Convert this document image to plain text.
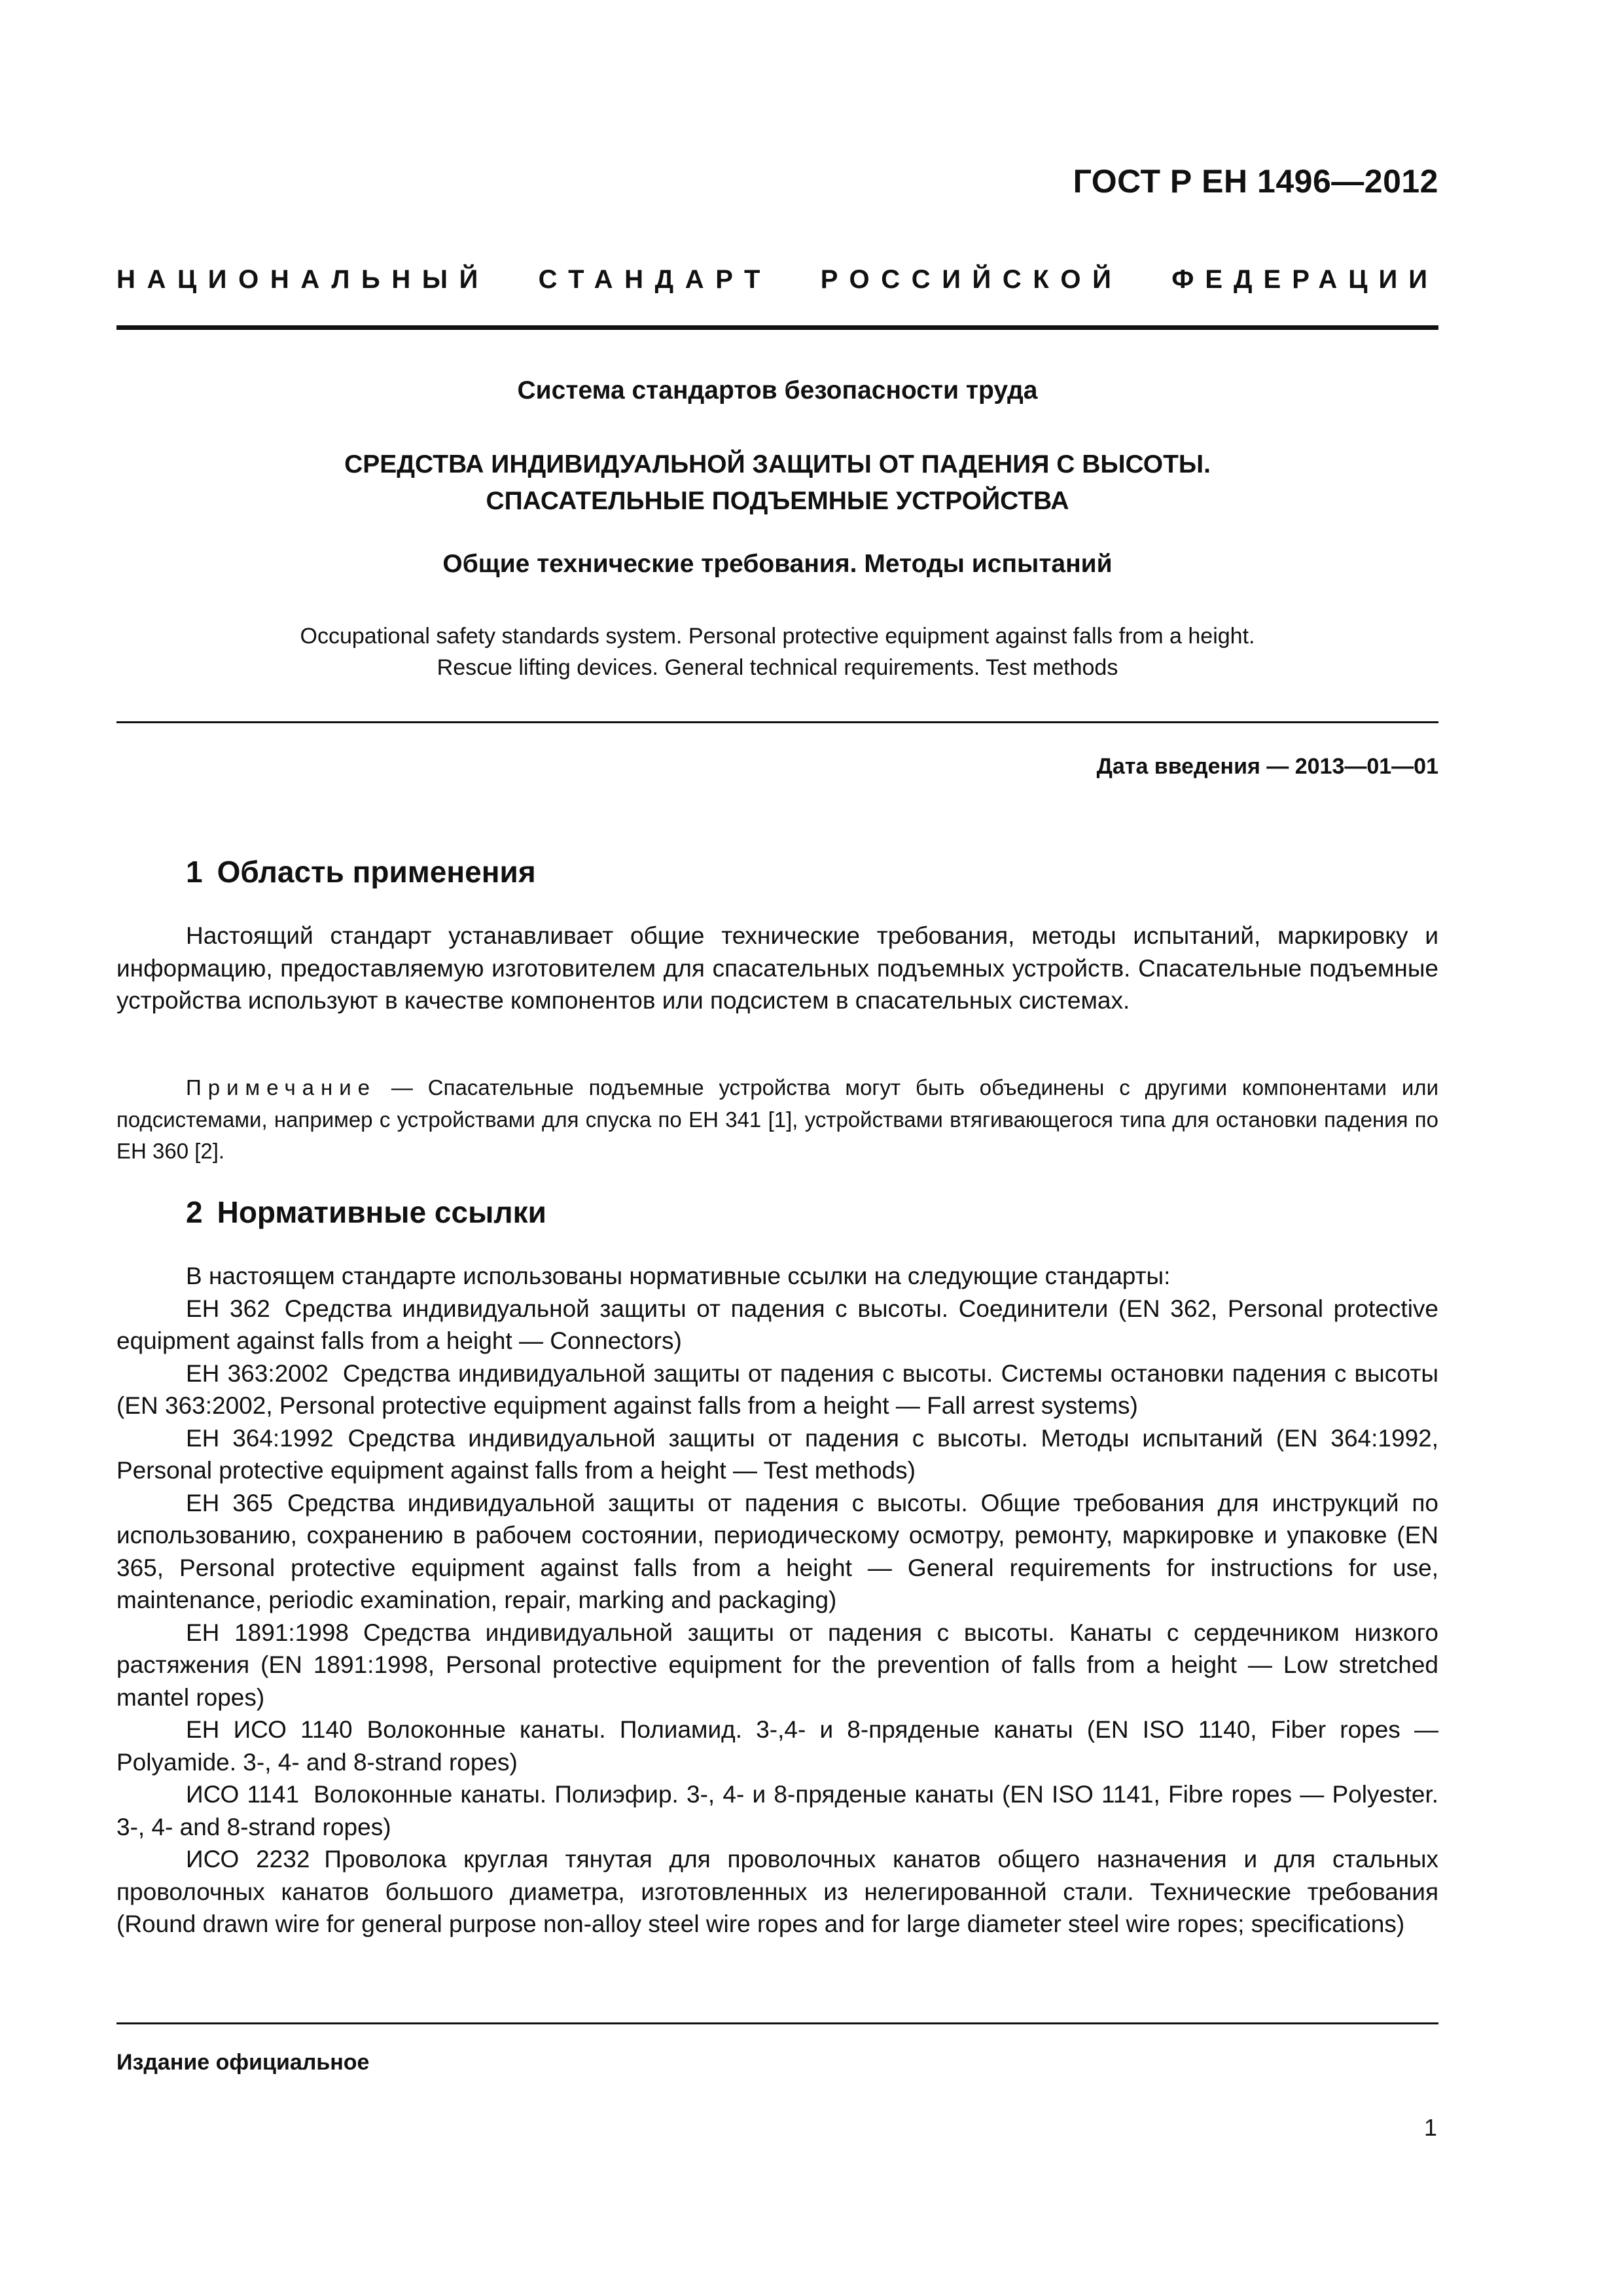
ГОСТ Р ЕН 1496—2012
НАЦИОНАЛЬНЫЙ СТАНДАРТ РОССИЙСКОЙ ФЕДЕРАЦИИ
Система стандартов безопасности труда
СРЕДСТВА ИНДИВИДУАЛЬНОЙ ЗАЩИТЫ ОТ ПАДЕНИЯ С ВЫСОТЫ.
СПАСАТЕЛЬНЫЕ ПОДЪЕМНЫЕ УСТРОЙСТВА
Общие технические требования. Методы испытаний
Occupational safety standards system. Personal protective equipment against falls from a height.
Rescue lifting devices. General technical requirements. Test methods
Дата введения — 2013—01—01
1 Область применения

Настоящий стандарт устанавливает общие технические требования, методы испытаний, маркировку и информацию, предоставляемую изготовителем для спасательных подъемных устройств. Спасательные подъемные устройства используют в качестве компонентов или подсистем в спасательных системах.

Примечание — Спасательные подъемные устройства могут быть объединены с другими компонентами или подсистемами, например с устройствами для спуска по ЕН 341 [1], устройствами втягивающегося типа для остановки падения по ЕН 360 [2].

2 Нормативные ссылки

В настоящем стандарте использованы нормативные ссылки на следующие стандарты:

ЕН 362 Средства индивидуальной защиты от падения с высоты. Соединители (EN 362, Personal protective equipment against falls from a height — Connectors)

ЕН 363:2002 Средства индивидуальной защиты от падения с высоты. Системы остановки падения с высоты (EN 363:2002, Personal protective equipment against falls from a height — Fall arrest systems)

ЕН 364:1992 Средства индивидуальной защиты от падения с высоты. Методы испытаний (EN 364:1992, Personal protective equipment against falls from a height — Test methods)

ЕН 365 Средства индивидуальной защиты от падения с высоты. Общие требования для инструкций по использованию, сохранению в рабочем состоянии, периодическому осмотру, ремонту, маркировке и упаковке (EN 365, Personal protective equipment against falls from a height — General requirements for instructions for use, maintenance, periodic examination, repair, marking and packaging)

ЕН 1891:1998 Средства индивидуальной защиты от падения с высоты. Канаты с сердечником низкого растяжения (EN 1891:1998, Personal protective equipment for the prevention of falls from a height — Low stretched mantel ropes)

ЕН ИСО 1140 Волоконные канаты. Полиамид. 3-,4- и 8-пряденые канаты (EN ISO 1140, Fiber ropes — Polyamide. 3-, 4- and 8-strand ropes)

ИСО 1141 Волоконные канаты. Полиэфир. 3-, 4- и 8-пряденые канаты (EN ISO 1141, Fibre ropes — Polyester. 3-, 4- and 8-strand ropes)

ИСО 2232 Проволока круглая тянутая для проволочных канатов общего назначения и для стальных проволочных канатов большого диаметра, изготовленных из нелегированной стали. Технические требования (Round drawn wire for general purpose non-alloy steel wire ropes and for large diameter steel wire ropes; specifications)

Издание официальное
1
